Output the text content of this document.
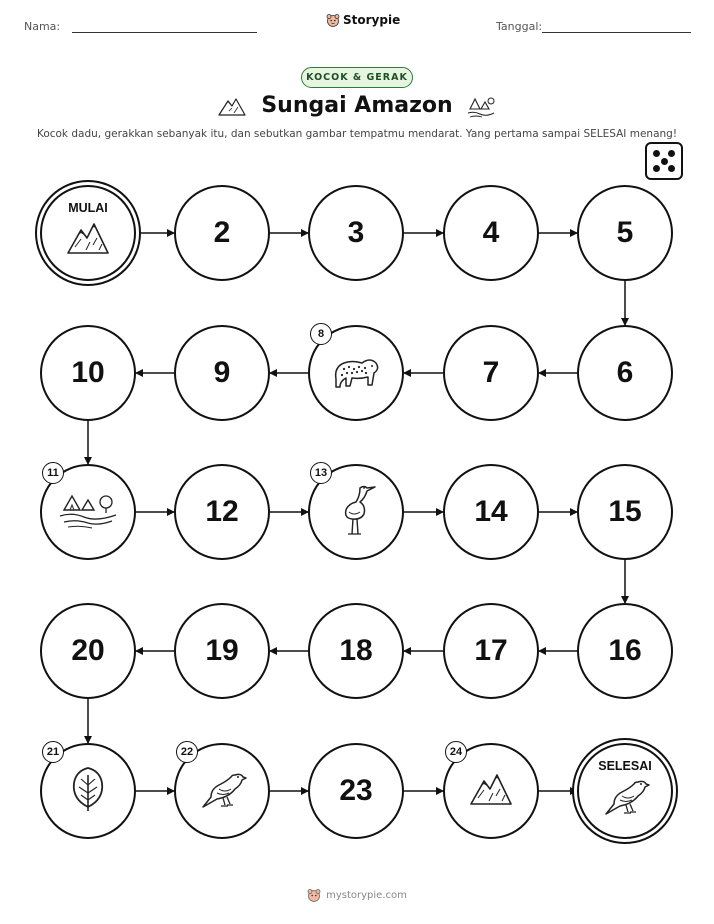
Nama:	Storypie	Tanggal:
KOCOK & GERAK
Sungai Amazon
Kocok dadu, gerakkan sebanyak itu, dan sebutkan gambar tempatmu mendarat. Yang pertama sampai SELESAI menang!
MULAI
2	3	4	5
6
7
8
9
10
11
12
13
14	15
16
17
18
19
20
21	22
23
24
SELESAI
mystorypie.com
